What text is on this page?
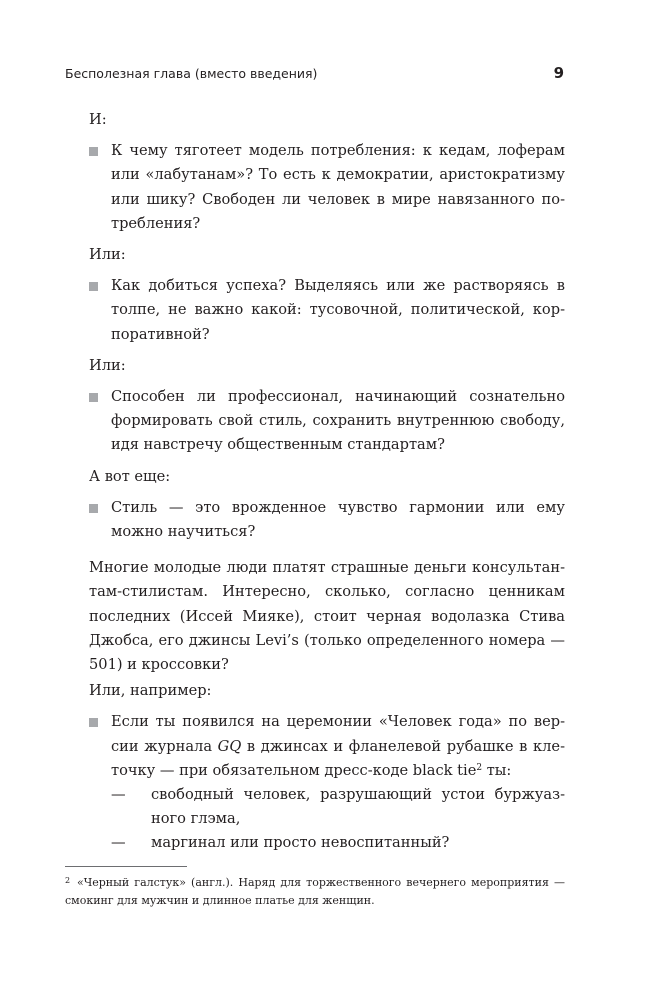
Бесполезная глава (вместо введения)	9

И:

К чему тяготеет модель потребления: к кедам, лоферам или «лабутанам»? То есть к демократии, аристократизму или шику? Свободен ли человек в мире навязанного потребления?

Или:

Как добиться успеха? Выделяясь или же растворяясь в толпе, не важно какой: тусовочной, политической, корпоративной?

Или:

Способен ли профессионал, начинающий сознательно формировать свой стиль, сохранить внутреннюю свободу, идя навстречу общественным стандартам?

А вот еще:

Стиль — это врожденное чувство гармонии или ему можно научиться?

Многие молодые люди платят страшные деньги консультантам-стилистам. Интересно, сколько, согласно ценникам последних (Иссей Мияке), стоит черная водолазка Стива Джобса, его джинсы Levi’s (только определенного номера — 501) и кроссовки?

Или, например:

Если ты появился на церемонии «Человек года» по версии журнала GQ в джинсах и фланелевой рубашке в клеточку — при обязательном дресс-коде black tie$^2$ ты:
—	свободный человек, разрушающий устои буржуазного глэма,
—	маргинал или просто невоспитанный?
2 «Черный галстук» (англ.). Наряд для торжественного вечернего мероприятия — смокинг для мужчин и длинное платье для женщин.
